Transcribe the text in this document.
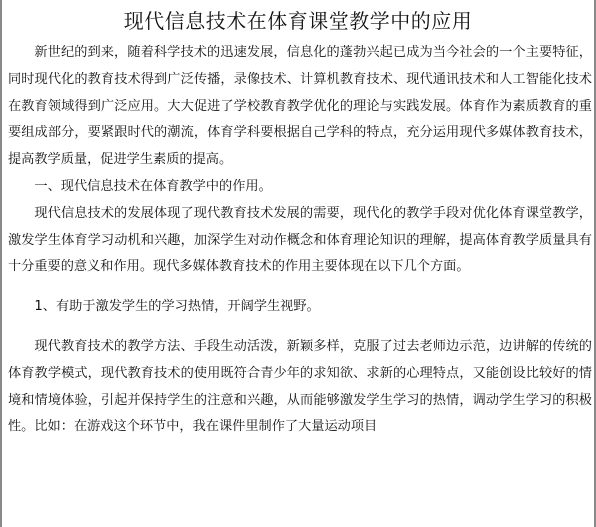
现代信息技术在体育课堂教学中的应用

新世纪的到来，随着科学技术的迅速发展，信息化的蓬勃兴起已成为当今社会的一个主要特征，同时现代化的教育技术得到广泛传播，录像技术、计算机教育技术、现代通讯技术和人工智能化技术在教育领域得到广泛应用。大大促进了学校教育教学优化的理论与实践发展。体育作为素质教育的重要组成部分，要紧跟时代的潮流，体育学科要根据自己学科的特点，充分运用现代多媒体教育技术，提高教学质量，促进学生素质的提高。

一、现代信息技术在体育教学中的作用。

现代信息技术的发展体现了现代教育技术发展的需要，现代化的教学手段对优化体育课堂教学，激发学生体育学习动机和兴趣，加深学生对动作概念和体育理论知识的理解，提高体育教学质量具有十分重要的意义和作用。现代多媒体教育技术的作用主要体现在以下几个方面。

1、有助于激发学生的学习热情，开阔学生视野。

现代教育技术的教学方法、手段生动活泼，新颖多样，克服了过去老师边示范，边讲解的传统的体育教学模式，现代教育技术的使用既符合青少年的求知欲、求新的心理特点，又能创设比较好的情境和情境体验，引起并保持学生的注意和兴趣，从而能够激发学生学习的热情，调动学生学习的积极性。比如：在游戏这个环节中，我在课件里制作了大量运动项目
